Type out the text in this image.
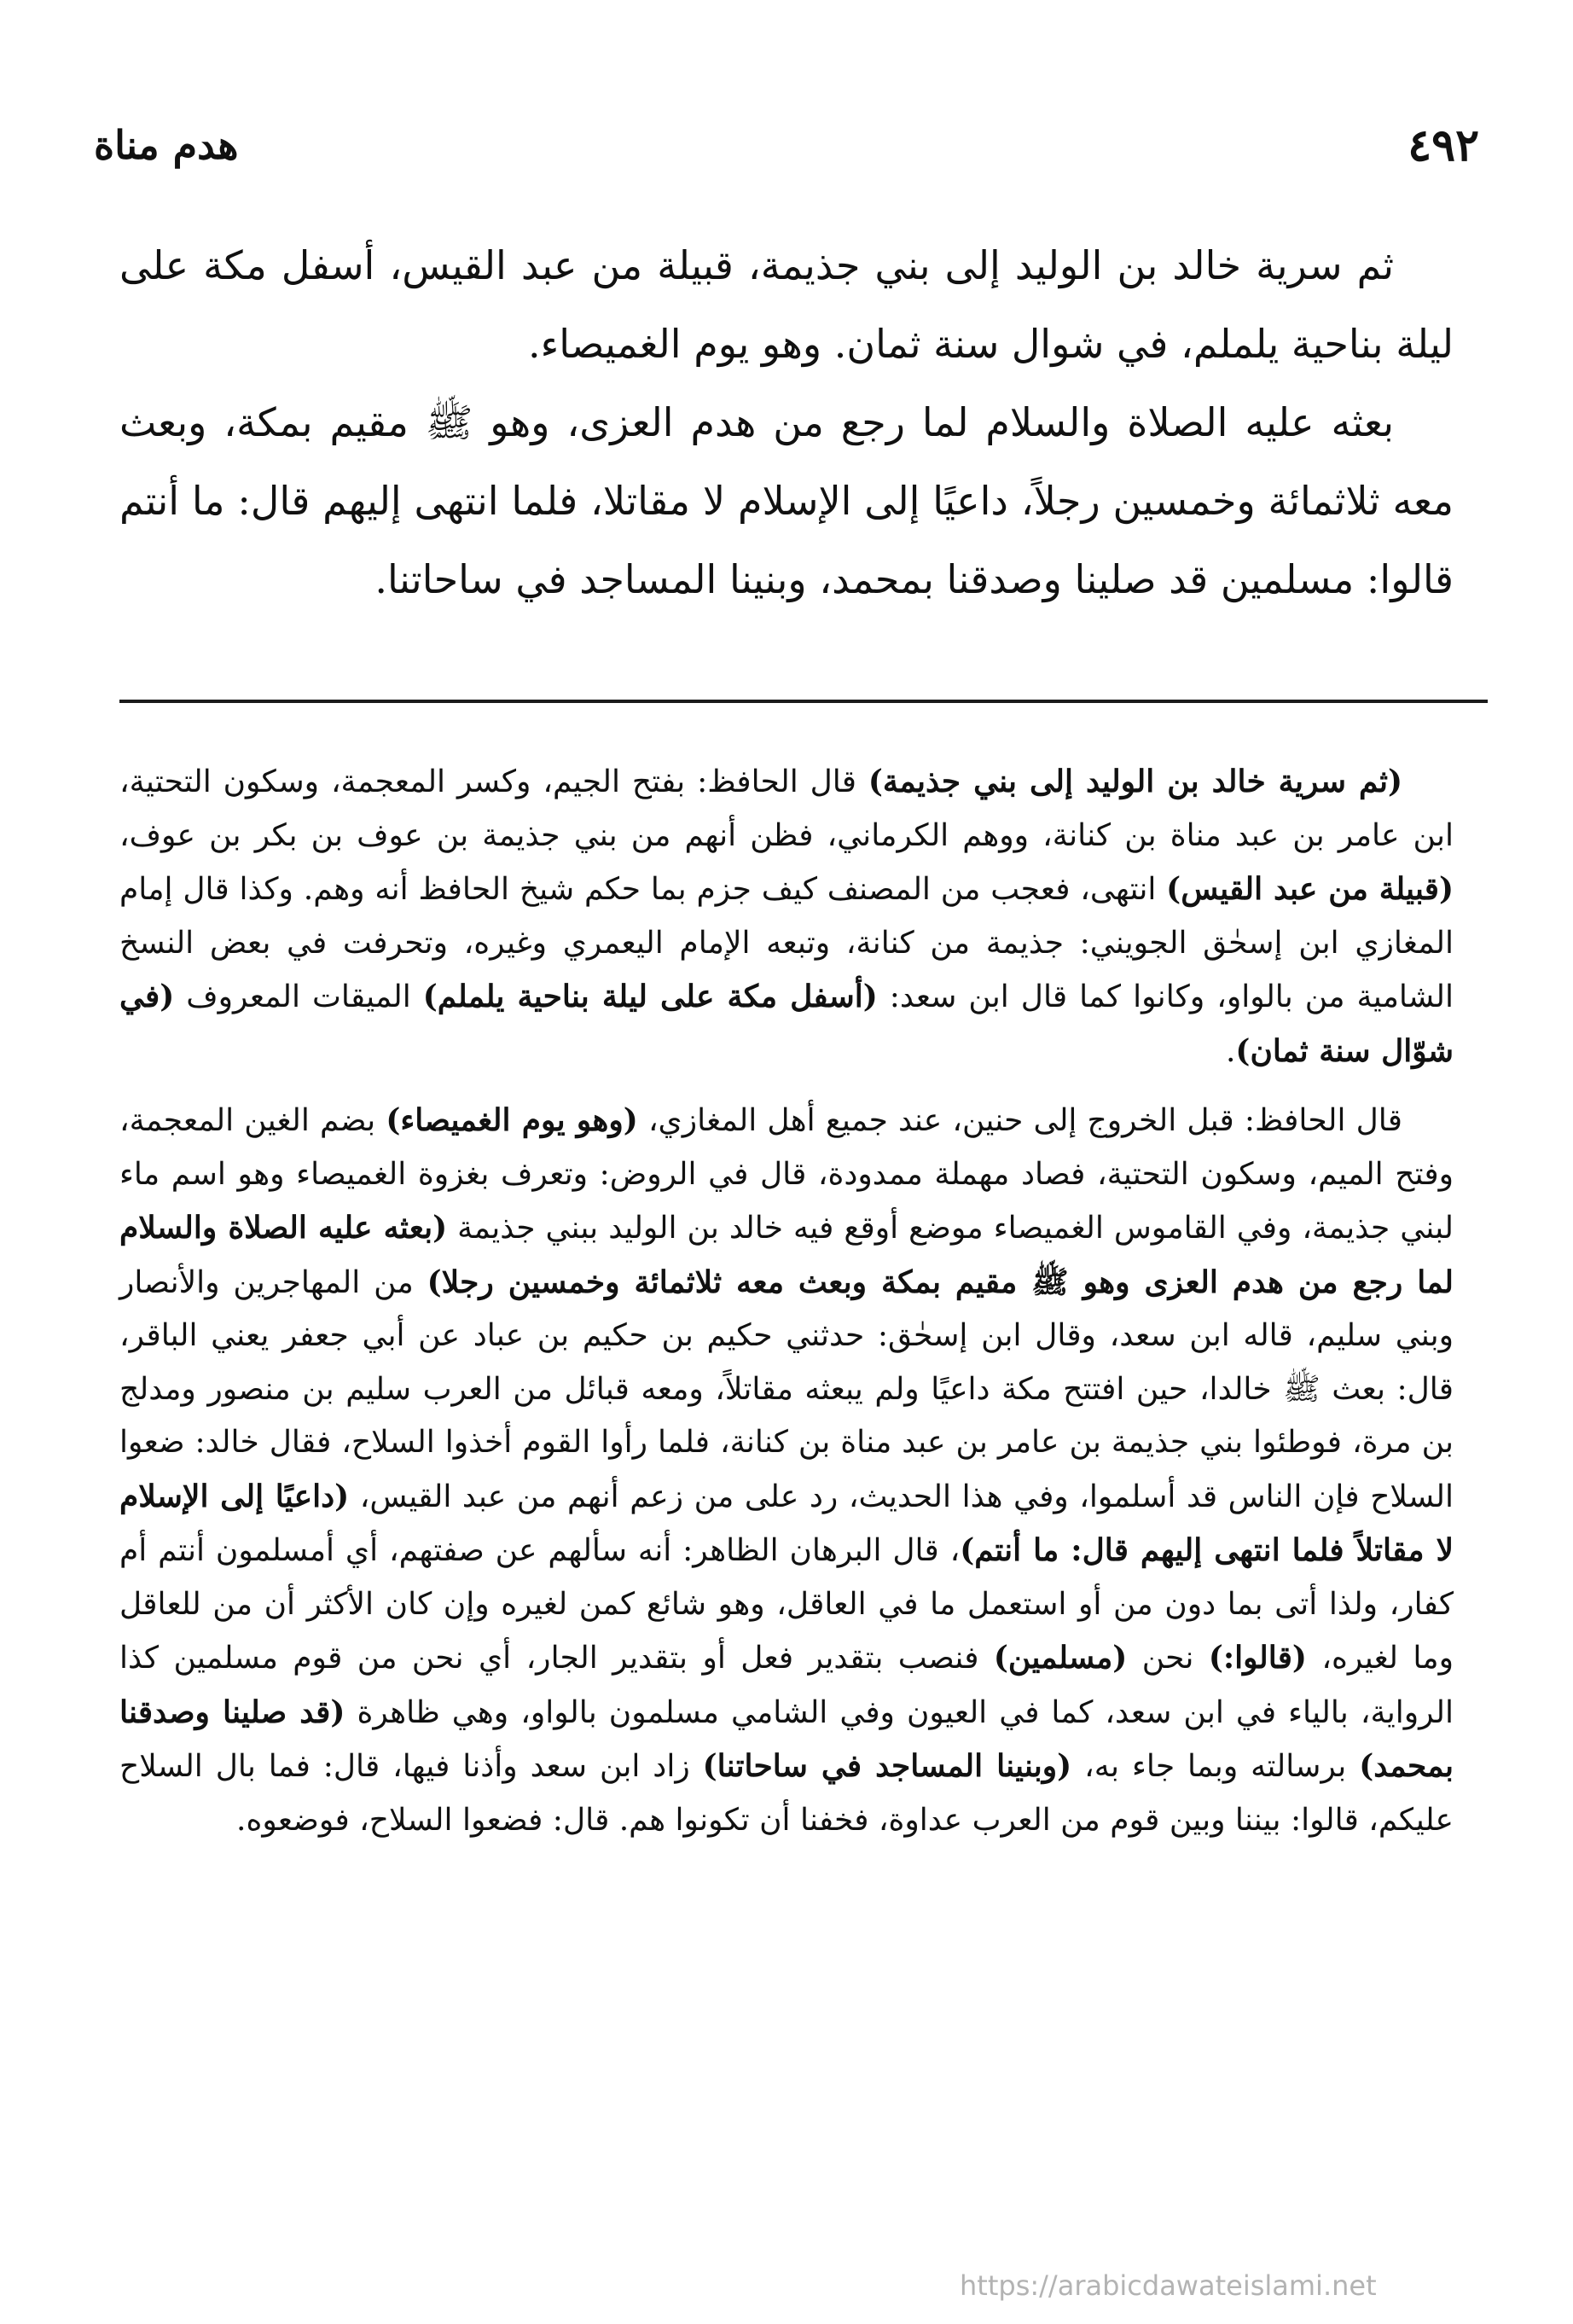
٤٩٢
هدم مناة

ثم سرية خالد بن الوليد إلى بني جذيمة، قبيلة من عبد القيس، أسفل مكة على ليلة بناحية يلملم، في شوال سنة ثمان. وهو يوم الغميصاء.

بعثه عليه الصلاة والسلام لما رجع من هدم العزى، وهو ﷺ مقيم بمكة، وبعث معه ثلاثمائة وخمسين رجلاً، داعيًا إلى الإسلام لا مقاتلا، فلما انتهى إليهم قال: ما أنتم قالوا: مسلمين قد صلينا وصدقنا بمحمد، وبنينا المساجد في ساحاتنا.

(ثم سرية خالد بن الوليد إلى بني جذيمة) قال الحافظ: بفتح الجيم، وكسر المعجمة، وسكون التحتية، ابن عامر بن عبد مناة بن كنانة، ووهم الكرماني، فظن أنهم من بني جذيمة بن عوف بن بكر بن عوف، (قبيلة من عبد القيس) انتهى، فعجب من المصنف كيف جزم بما حكم شيخ الحافظ أنه وهم. وكذا قال إمام المغازي ابن إسحٰق الجويني: جذيمة من كنانة، وتبعه الإمام اليعمري وغيره، وتحرفت في بعض النسخ الشامية من بالواو، وكانوا كما قال ابن سعد: (أسفل مكة على ليلة بناحية يلملم) الميقات المعروف (في شوّال سنة ثمان).

قال الحافظ: قبل الخروج إلى حنين، عند جميع أهل المغازي، (وهو يوم الغميصاء) بضم الغين المعجمة، وفتح الميم، وسكون التحتية، فصاد مهملة ممدودة، قال في الروض: وتعرف بغزوة الغميصاء وهو اسم ماء لبني جذيمة، وفي القاموس الغميصاء موضع أوقع فيه خالد بن الوليد ببني جذيمة (بعثه عليه الصلاة والسلام لما رجع من هدم العزى وهو ﷺ مقيم بمكة وبعث معه ثلاثمائة وخمسين رجلا) من المهاجرين والأنصار وبني سليم، قاله ابن سعد، وقال ابن إسحٰق: حدثني حكيم بن حكيم بن عباد عن أبي جعفر يعني الباقر، قال: بعث ﷺ خالدا، حين افتتح مكة داعيًا ولم يبعثه مقاتلاً، ومعه قبائل من العرب سليم بن منصور ومدلج بن مرة، فوطئوا بني جذيمة بن عامر بن عبد مناة بن كنانة، فلما رأوا القوم أخذوا السلاح، فقال خالد: ضعوا السلاح فإن الناس قد أسلموا، وفي هذا الحديث، رد على من زعم أنهم من عبد القيس، (داعيًا إلى الإسلام لا مقاتلاً فلما انتهى إليهم قال: ما أنتم)، قال البرهان الظاهر: أنه سألهم عن صفتهم، أي أمسلمون أنتم أم كفار، ولذا أتى بما دون من أو استعمل ما في العاقل، وهو شائع كمن لغيره وإن كان الأكثر أن من للعاقل وما لغيره، (قالوا:) نحن (مسلمين) فنصب بتقدير فعل أو بتقدير الجار، أي نحن من قوم مسلمين كذا الرواية، بالياء في ابن سعد، كما في العيون وفي الشامي مسلمون بالواو، وهي ظاهرة (قد صلينا وصدقنا بمحمد) برسالته وبما جاء به، (وبنينا المساجد في ساحاتنا) زاد ابن سعد وأذنا فيها، قال: فما بال السلاح عليكم، قالوا: بيننا وبين قوم من العرب عداوة، فخفنا أن تكونوا هم. قال: فضعوا السلاح، فوضعوه.

https://arabicdawateislami.net
